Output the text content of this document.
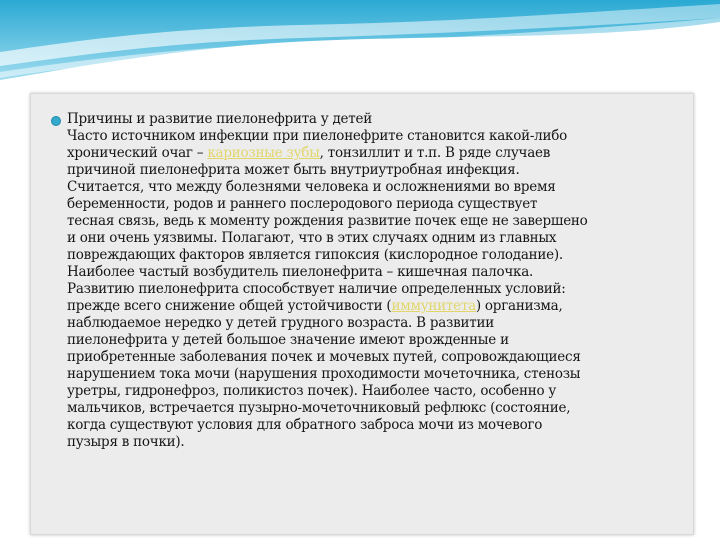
Причины и развитие пиелонефрита у детей
Часто источником инфекции при пиелонефрите становится какой-либо
хронический очаг – кариозные зубы, тонзиллит и т.п. В ряде случаев
причиной пиелонефрита может быть внутриутробная инфекция.
Считается, что между болезнями человека и осложнениями во время
беременности, родов и раннего послеродового периода существует
тесная связь, ведь к моменту рождения развитие почек еще не завершено
и они очень уязвимы. Полагают, что в этих случаях одним из главных
повреждающих факторов является гипоксия (кислородное голодание).
Наиболее частый возбудитель пиелонефрита – кишечная палочка.
Развитию пиелонефрита способствует наличие определенных условий:
прежде всего снижение общей устойчивости (иммунитета) организма,
наблюдаемое нередко у детей грудного возраста. В развитии
пиелонефрита у детей большое значение имеют врожденные и
приобретенные заболевания почек и мочевых путей, сопровождающиеся
нарушением тока мочи (нарушения проходимости мочеточника, стенозы
уретры, гидронефроз, поликистоз почек). Наиболее часто, особенно у
мальчиков, встречается пузырно-мочеточниковый рефлюкс (состояние,
когда существуют условия для обратного заброса мочи из мочевого
пузыря в почки).
